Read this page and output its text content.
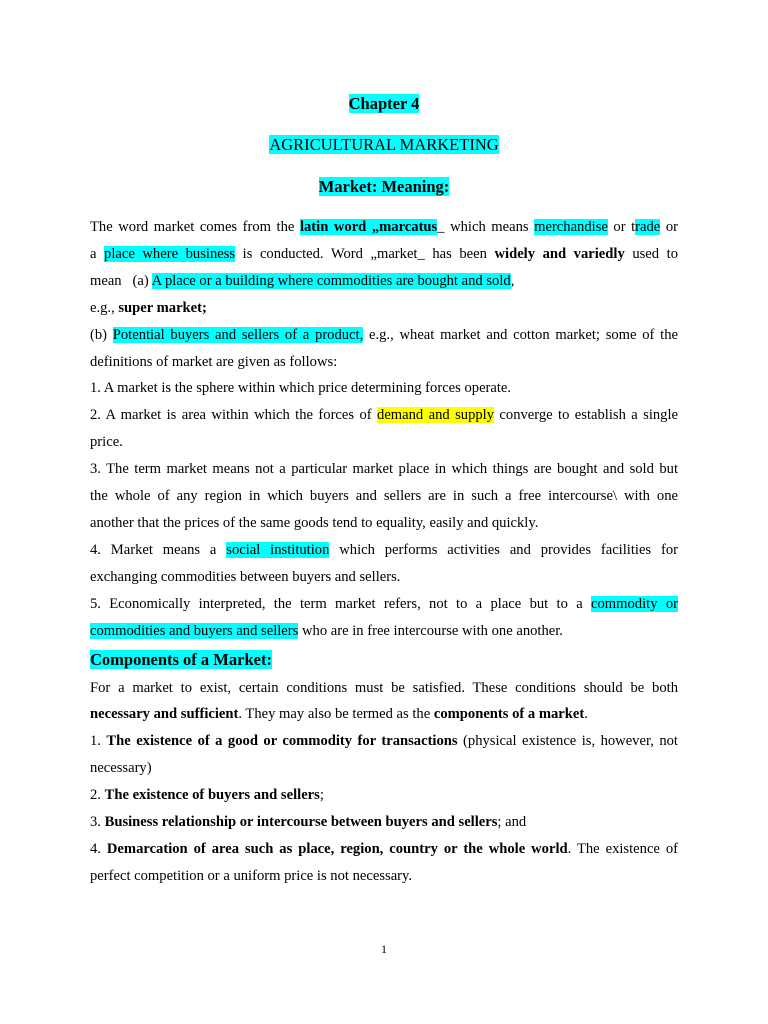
Chapter 4
AGRICULTURAL MARKETING
Market: Meaning:

The word market comes from the latin word „marcatus_ which means merchandise or trade or

a place where business is conducted. Word „market_ has been widely and variedly used to

mean   (a) A place or a building where commodities are bought and sold,

e.g., super market;

(b) Potential buyers and sellers of a product, e.g., wheat market and cotton market; some of the

definitions of market are given as follows:

1. A market is the sphere within which price determining forces operate.

2. A market is area within which the forces of demand and supply converge to establish a single

price.

3. The term market means not a particular market place in which things are bought and sold but

the whole of any region in which buyers and sellers are in such a free intercourse\ with one

another that the prices of the same goods tend to equality, easily and quickly.

4. Market means a social institution which performs activities and provides facilities for

exchanging commodities between buyers and sellers.

5. Economically interpreted, the term market refers, not to a place but to a commodity or

commodities and buyers and sellers who are in free intercourse with one another.

Components of a Market:

For a market to exist, certain conditions must be satisfied. These conditions should be both

necessary and sufficient. They may also be termed as the components of a market.

1. The existence of a good or commodity for transactions (physical existence is, however, not

necessary)

2. The existence of buyers and sellers;

3. Business relationship or intercourse between buyers and sellers; and

4. Demarcation of area such as place, region, country or the whole world. The existence of

perfect competition or a uniform price is not necessary.

1
